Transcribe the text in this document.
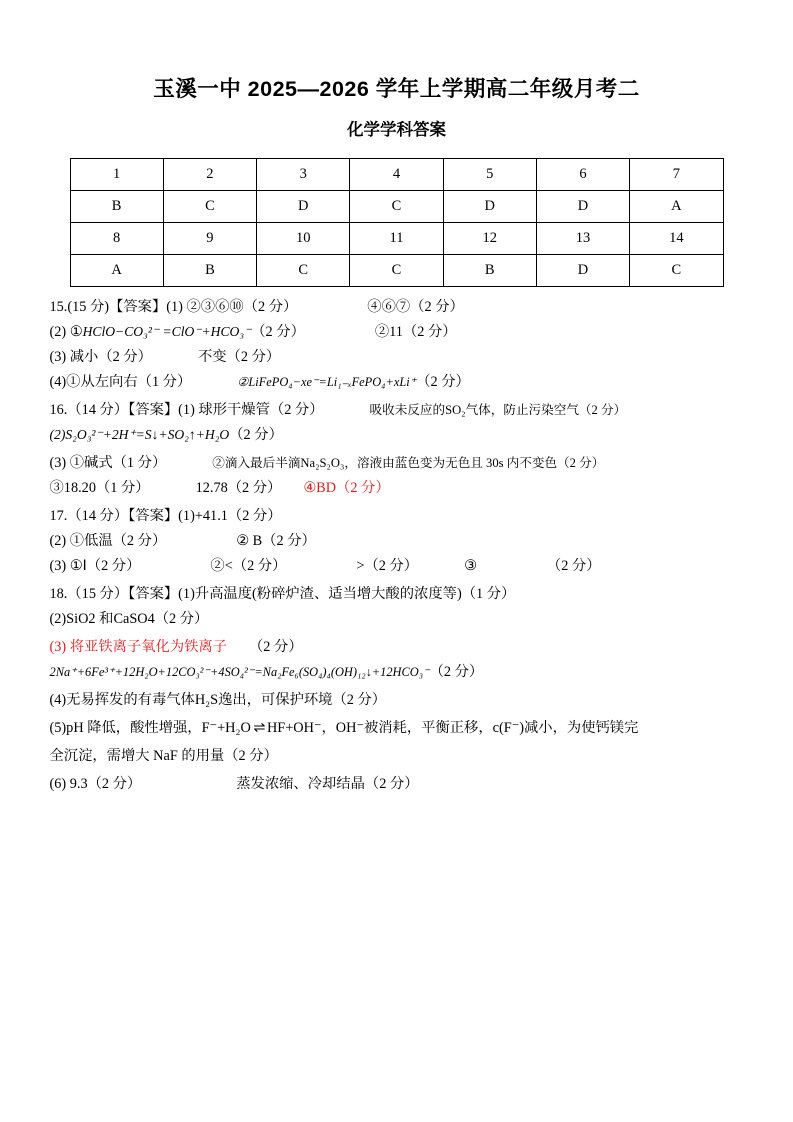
玉溪一中 2025—2026 学年上学期高二年级月考二
化学学科答案
1	2	3	4	5	6	7
B	C	D	C	D	D	A
8	9	10	11	12	13	14
A	B	C	C	B	D	C
15.(15 分)【答案】(1) ②③⑥⑩（2 分）	④⑥⑦（2 分）
(2) ①HClO−CO₃²⁻ =ClO⁻+HCO₃⁻（2 分）	②11（2 分）
(3) 减小（2 分）	不变（2 分）
(4)①从左向右（1 分）	②LiFePO₄−xe⁻=Li₁₋ₓFePO₄+xLi⁺（2 分）
16.（14 分）【答案】(1) 球形干燥管（2 分）	吸收未反应的SO₂气体，防止污染空气（2 分）
(2)S₂O₃²⁻+2H⁺=S↓+SO₂↑+H₂O（2 分）
(3) ①碱式（1 分）	②滴入最后半滴Na₂S₂O₃，溶液由蓝色变为无色且 30s 内不变色（2 分）
③18.20（1 分）	12.78（2 分） ④BD（2 分）
17.（14 分）【答案】(1)+41.1（2 分）
(2) ①低温（2 分）	② B（2 分）
(3) ①Ⅰ（2 分）	②<（2 分）	>（2 分）	③	（2 分）
18.（15 分）【答案】(1)升高温度(粉碎炉渣、适当增大酸的浓度等)（1 分）
(2)SiO2 和CaSO4（2 分）
(3) 将亚铁离子氧化为铁离子 （2 分）
2Na⁺+6Fe³⁺+12H₂O+12CO₃²⁻+4SO₄²⁻=Na₂Fe₆(SO₄)₄(OH)₁₂↓+12HCO₃⁻（2 分）
(4)无易挥发的有毒气体H₂S逸出，可保护环境（2 分）
(5)pH 降低，酸性增强，F⁻+H₂O ⇌ HF+OH⁻，OH⁻被消耗，平衡正移，c(F⁻)减小，为使钙镁完
全沉淀，需增大 NaF 的用量（2 分）
(6) 9.3（2 分）	蒸发浓缩、冷却结晶（2 分）
